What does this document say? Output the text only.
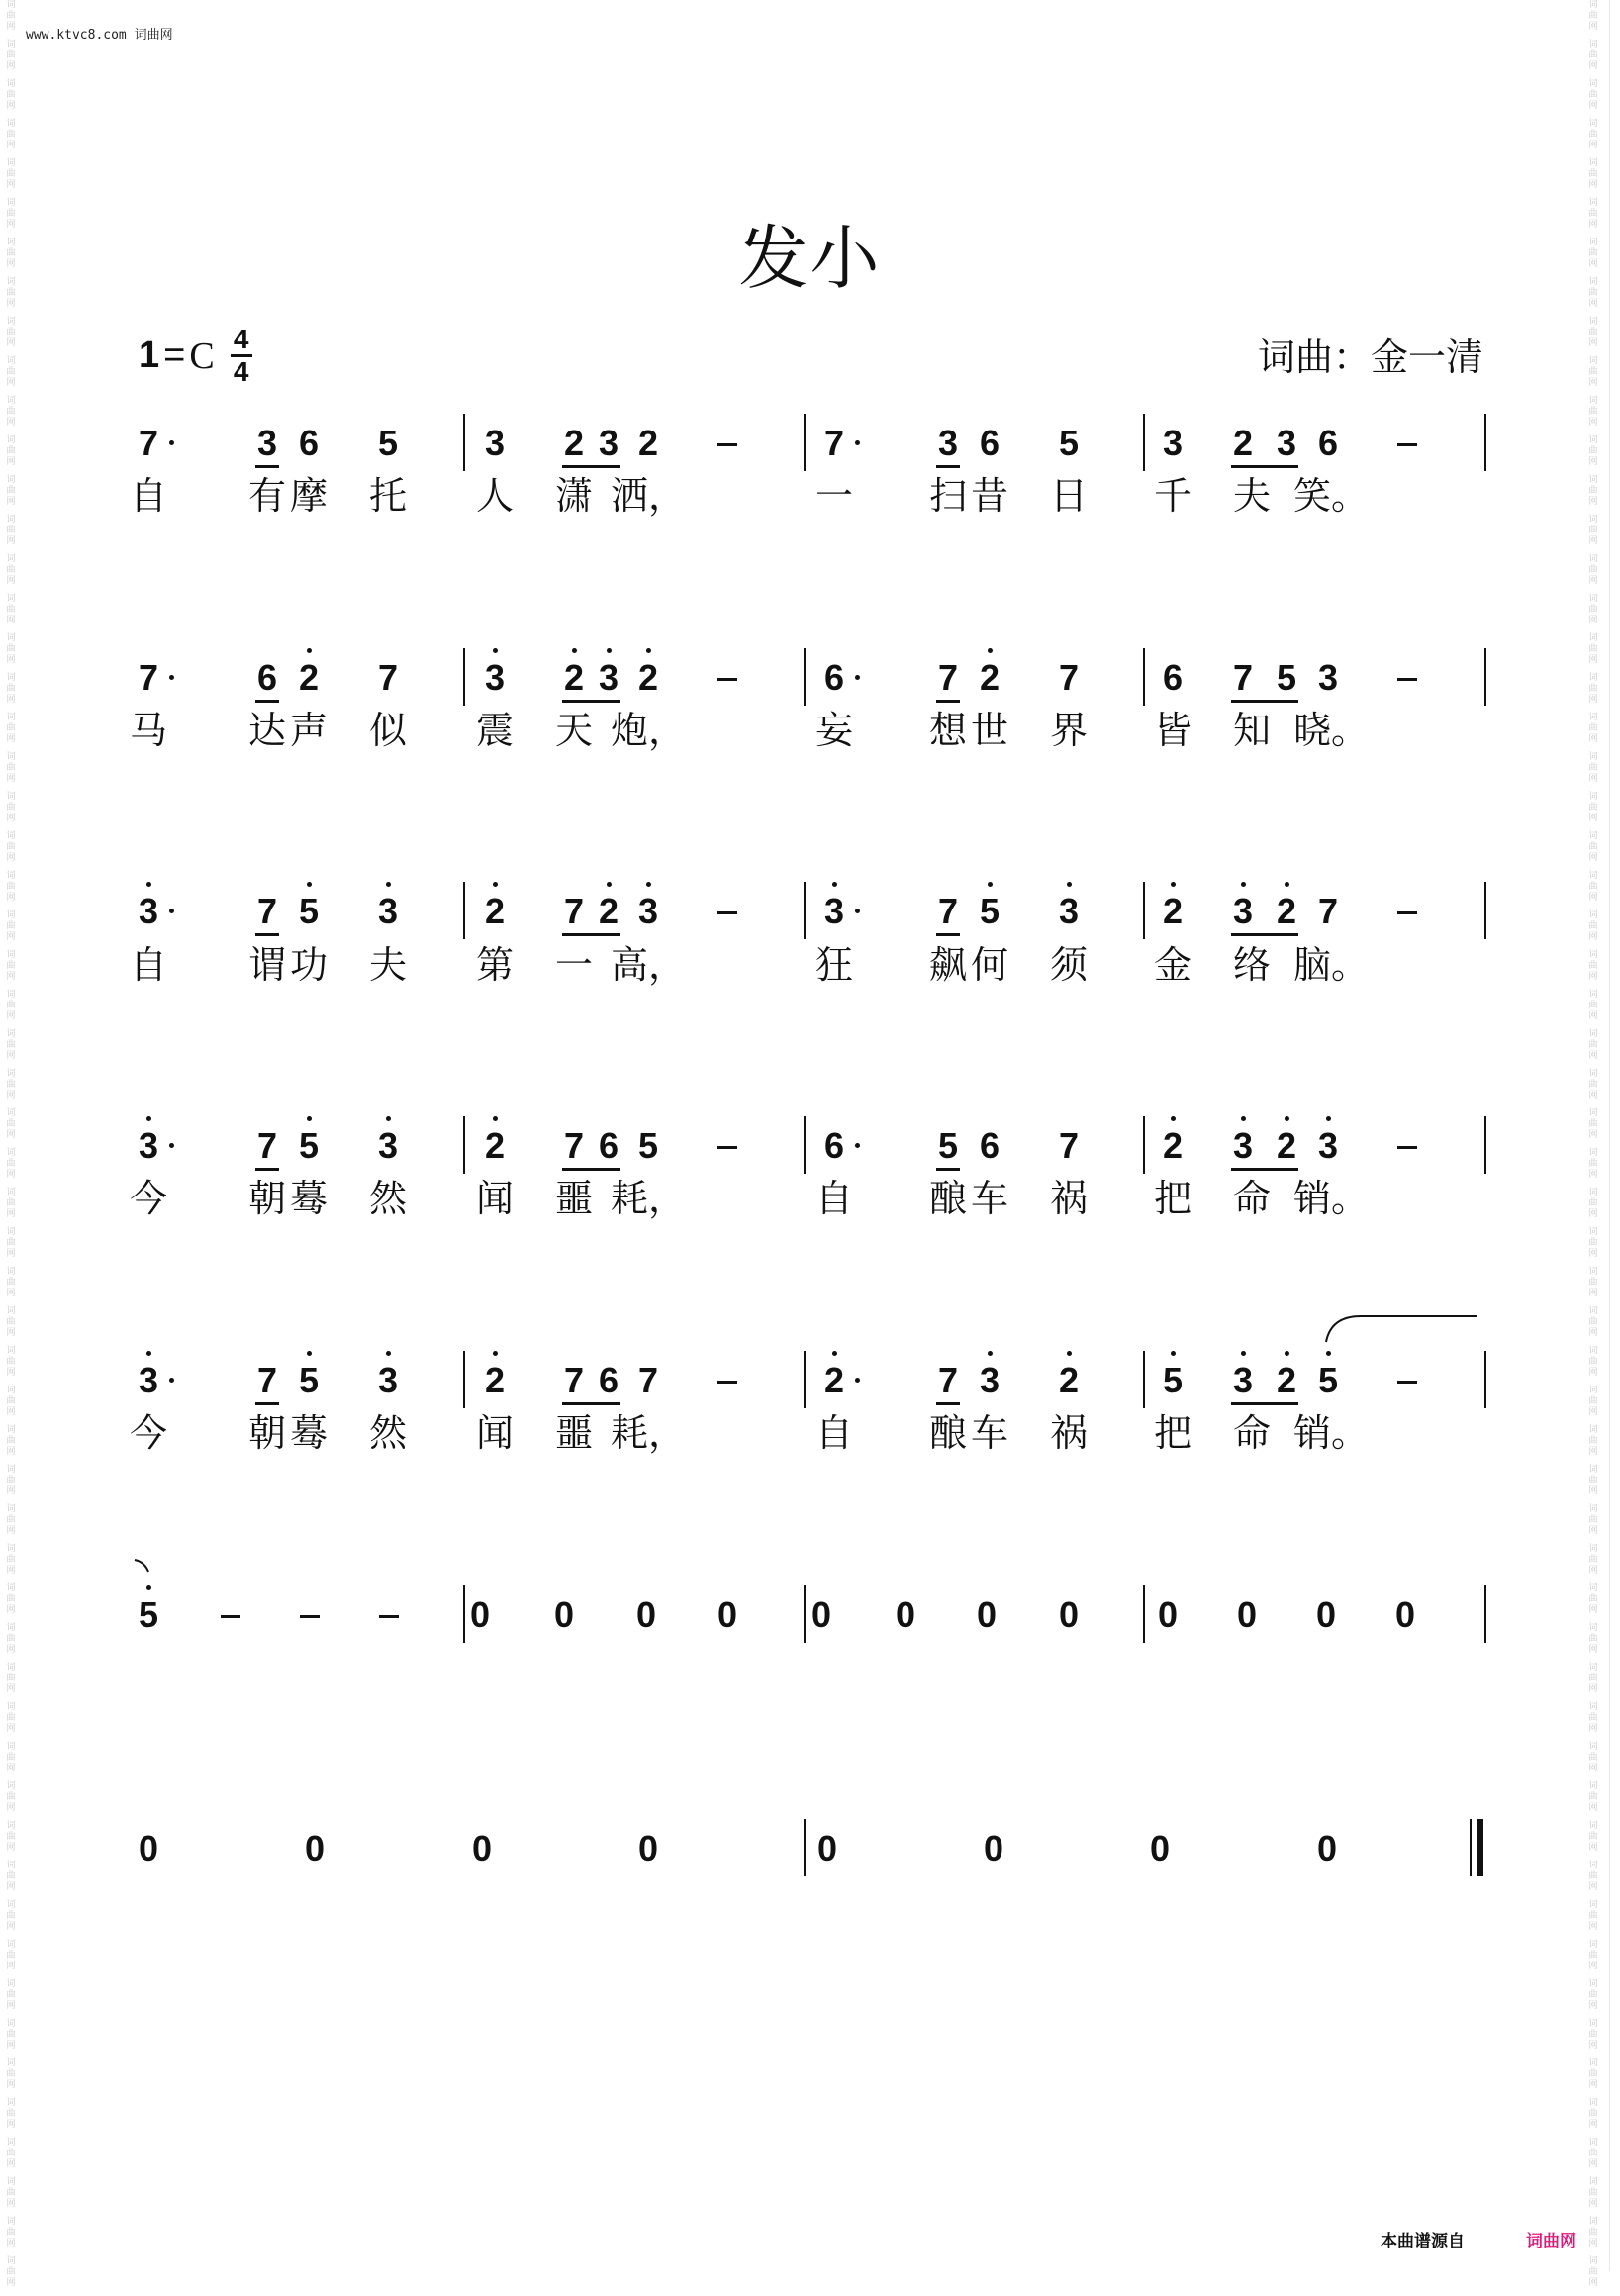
词
曲
网
词
曲
网
词
曲
网
词
曲
网
词
曲
网
词
曲
网
词
曲
网
词
曲
网
词
曲
网
词
曲
网
词
曲
网
词
曲
网
词
曲
网
词
曲
网
词
曲
网
词
曲
网
词
曲
网
词
曲
网
词
曲
网
词
曲
网
词
曲
网
词
曲
网
词
曲
网
词
曲
网
词
曲
网
词
曲
网
词
曲
网
词
曲
网
词
曲
网
词
曲
网
词
曲
网
词
曲
网
词
曲
网
词
曲
网
词
曲
网
词
曲
网
词
曲
网
词
曲
网
词
曲
网
词
曲
网
词
曲
网
词
曲
网
词
曲
网
词
曲
网
词
曲
网
词
曲
网
词
曲
网
词
曲
网
词
曲
网
词
曲
网
词
曲
网
词
曲
网
词
曲
网
词
曲
网
词
曲
网
词
曲
网
词
曲
网
词
曲
网
词
曲
网
词
曲
网
词
曲
网
词
曲
网
词
曲
网
词
曲
网
词
曲
网
词
曲
网
词
曲
网
词
曲
网
词
曲
网
词
曲
网
词
曲
网
词
曲
网
词
曲
网
词
曲
网
词
曲
网
词
曲
网
词
曲
网
词
曲
网
词
曲
网
词
曲
网
词
曲
网
词
曲
网
词
曲
网
词
曲
网
词
曲
网
词
曲
网
词
曲
网
词
曲
网
词
曲
网
词
曲
网
词
曲
网
词
曲
网
词
曲
网
词
曲
网
词
曲
网
词
曲
网
词
曲
网
词
曲
网
词
曲
网
词
曲
网
词
曲
网
词
曲
网
词
曲
网
词
曲
网
词
曲
网
词
曲
网
词
曲
网
词
曲
网
词
曲
网
词
曲
网
词
曲
网
词
曲
网
词
曲
网
词
曲
网
词
曲
网
词
曲
网
www.ktvc8.com 词曲网
发小
1 = C 4
4	词曲：金一清
7	3 6 5 3 2 3 2	7	3 6 5 3 2 3 6
自 有 摩 托 人 潇 洒，	一 扫 昔 日 千 夫 笑。
7	6 2 7 3 2 3 2	6	7 2 7 6 7 5 3
马 达 声 似 震 天 炮，	妄 想 世 界 皆 知 晓。
3	7 5 3 2 7 2 3	3	7 5 3 2 3 2 7
自 谓 功 夫 第 一 高，	狂 飙 何 须 金 络 脑。
3	7 5 3 2 7 6 5	6	5 6 7 2 3 2 3
今 朝 蓦 然 闻 噩 耗，	自 酿 车 祸 把 命 销。
3	7 5 3 2 7 6 7	2	7 3 2 5 3 2 5
今 朝 蓦 然 闻 噩 耗，	自 酿 车 祸 把 命 销。
5	0 0 0 0 0 0 0 0 0 0 0 0
0	0	0	0	0	0	0	0
本曲谱源自	词曲网
